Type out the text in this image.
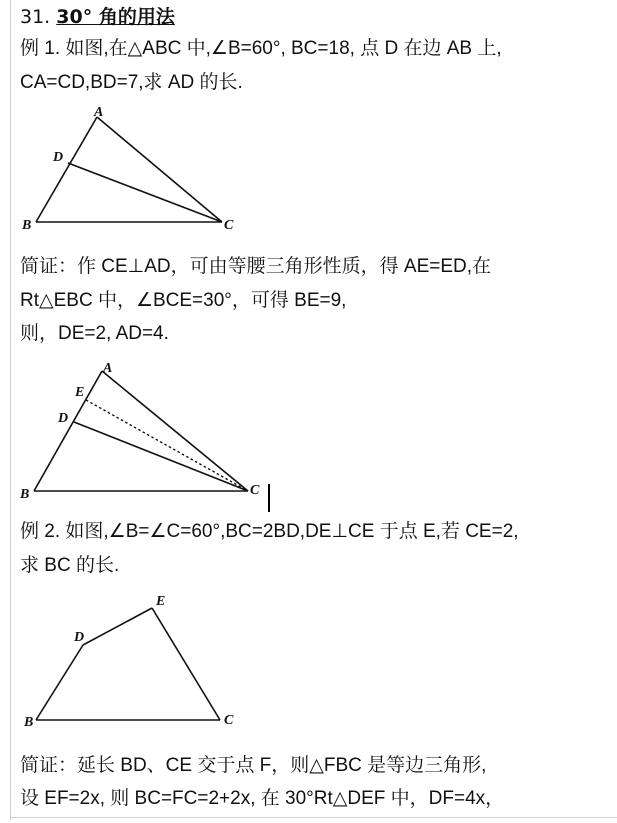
31. 30° 角的用法
例 1. 如图,在△ABC 中,∠B=60°, BC=18, 点 D 在边 AB 上,
CA=CD,BD=7,求 AD 的长.
A
D
B	C
简证：作 CE⊥AD，可由等腰三角形性质，得 AE=ED,在
Rt△EBC 中，∠BCE=30°，可得 BE=9,
则，DE=2, AD=4.
A
E
D
B	C
例 2. 如图,∠B=∠C=60°,BC=2BD,DE⊥CE 于点 E,若 CE=2,
求 BC 的长.
E
D
B	C
简证：延长 BD、CE 交于点 F，则△FBC 是等边三角形,
设 EF=2x, 则 BC=FC=2+2x, 在 30°Rt△DEF 中，DF=4x，
